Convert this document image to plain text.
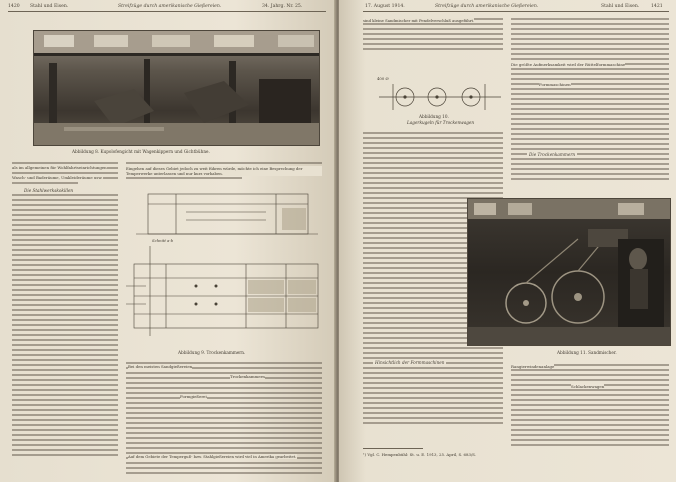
1420 Stahl und Eisen.	Streifzüge durch amerikanische Gießereien.	34. Jahrg. Nr. 25.
Abbildung 8. Kupolofengicht mit Wagenkippern und Gichtbühne.
Die Stahlwerkskokillen
als im allgemeinen für Wohlfahrtseinrichtungen
Wasch- und Baderäume, Umkleideräume usw.
Eingehen auf dieses Gebiet jedoch zu weit führen würde, möchte ich eine Besprechung der Temperwerke unterlassen und nur kurz vorhaben.
Schnitt a-b
Abbildung 9. Trockenkammern.
Bei den meisten Sandgießereien
Trockenkammern
Formgießerei
Auf dem Gebiete der Temperguß- bzw. Stahlgießereien wird viel in Amerika gearbeitet.
17. August 1914.	Streifzüge durch amerikanische Gießereien.	Stahl und Eisen.	1421
sind kleine Sandmischer mit Pendelverschluß ausgeführt.
400 Ø
Abbildung 10.
Lagerkugeln für Trockenwagen
Hinsichtlich der Formmaschinen
Die größte Aufmerksamkeit wird der Rüttelformmaschine
Formmaschinen
Die Trockenkammern
Abbildung 11. Sandmischer.
Rangierwindenanlage
Schlackenwagen
¹) Vgl. C. Hempenbühl: St. u. E. 1913, 25. April, S. 683/S.
